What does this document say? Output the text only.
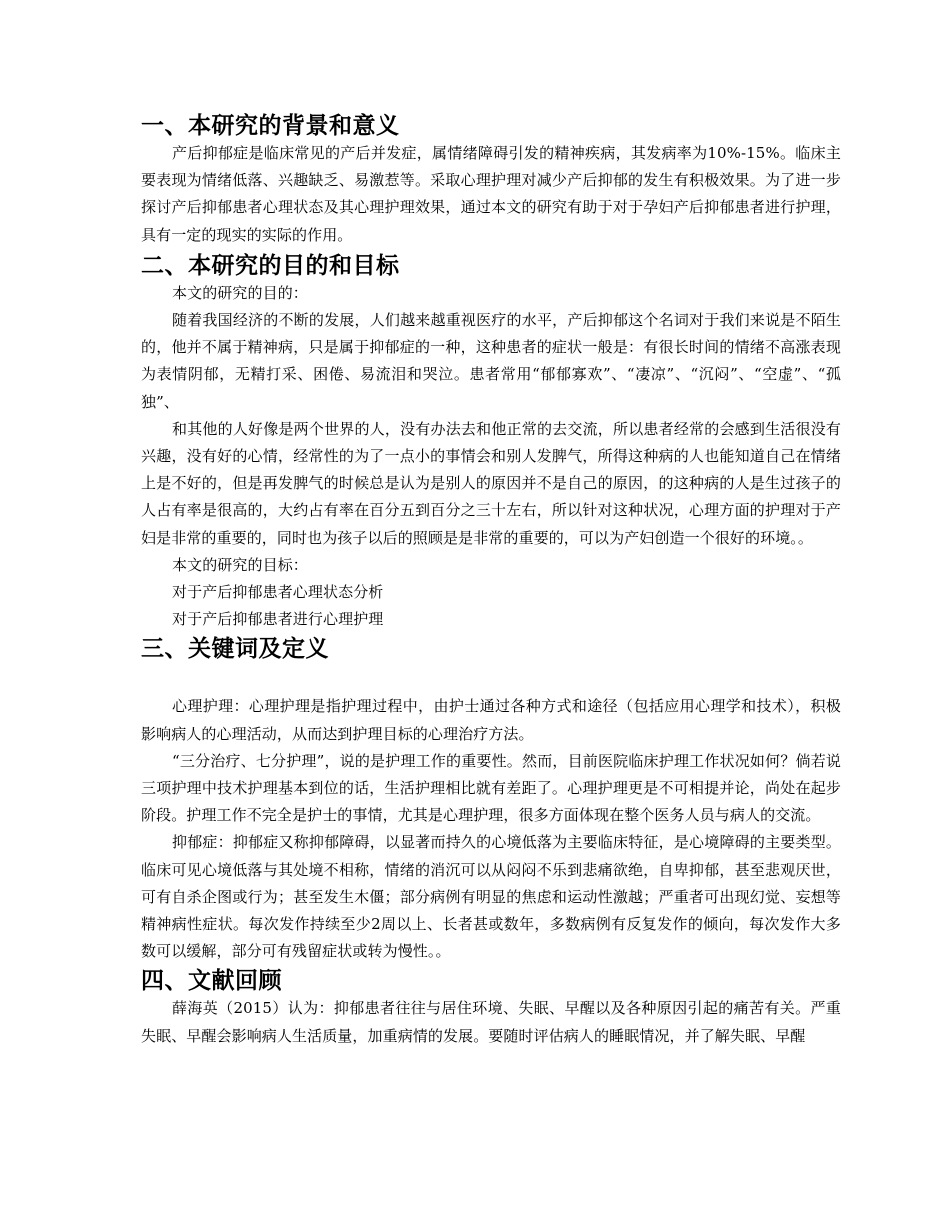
一、本研究的背景和意义

产后抑郁症是临床常见的产后并发症，属情绪障碍引发的精神疾病，其发病率为10%-15%。临床主要表现为情绪低落、兴趣缺乏、易激惹等。采取心理护理对减少产后抑郁的发生有积极效果。为了进一步探讨产后抑郁患者心理状态及其心理护理效果，通过本文的研究有助于对于孕妇产后抑郁患者进行护理，具有一定的现实的实际的作用。

二、本研究的目的和目标

本文的研究的目的：

随着我国经济的不断的发展，人们越来越重视医疗的水平，产后抑郁这个名词对于我们来说是不陌生的，他并不属于精神病，只是属于抑郁症的一种，这种患者的症状一般是：有很长时间的情绪不高涨表现为表情阴郁，无精打采、困倦、易流泪和哭泣。患者常用“郁郁寡欢”、“凄凉”、“沉闷”、“空虚”、“孤独”、

和其他的人好像是两个世界的人，没有办法去和他正常的去交流，所以患者经常的会感到生活很没有兴趣，没有好的心情，经常性的为了一点小的事情会和别人发脾气，所得这种病的人也能知道自己在情绪上是不好的，但是再发脾气的时候总是认为是别人的原因并不是自己的原因，的这种病的人是生过孩子的人占有率是很高的，大约占有率在百分五到百分之三十左右，所以针对这种状况，心理方面的护理对于产妇是非常的重要的，同时也为孩子以后的照顾是是非常的重要的，可以为产妇创造一个很好的环境。。

本文的研究的目标：

对于产后抑郁患者心理状态分析

对于产后抑郁患者进行心理护理

三、关键词及定义

心理护理：心理护理是指护理过程中，由护士通过各种方式和途径（包括应用心理学和技术），积极影响病人的心理活动，从而达到护理目标的心理治疗方法。

“三分治疗、七分护理”，说的是护理工作的重要性。然而，目前医院临床护理工作状况如何？倘若说三项护理中技术护理基本到位的话，生活护理相比就有差距了。心理护理更是不可相提并论，尚处在起步阶段。护理工作不完全是护士的事情，尤其是心理护理，很多方面体现在整个医务人员与病人的交流。

抑郁症：抑郁症又称抑郁障碍，以显著而持久的心境低落为主要临床特征，是心境障碍的主要类型。临床可见心境低落与其处境不相称，情绪的消沉可以从闷闷不乐到悲痛欲绝，自卑抑郁，甚至悲观厌世，可有自杀企图或行为；甚至发生木僵；部分病例有明显的焦虑和运动性激越；严重者可出现幻觉、妄想等精神病性症状。每次发作持续至少2周以上、长者甚或数年，多数病例有反复发作的倾向，每次发作大多数可以缓解，部分可有残留症状或转为慢性。。

四、文献回顾

薛海英（2015）认为：抑郁患者往往与居住环境、失眠、早醒以及各种原因引起的痛苦有关。严重失眠、早醒会影响病人生活质量，加重病情的发展。要随时评估病人的睡眠情况，并了解失眠、早醒
